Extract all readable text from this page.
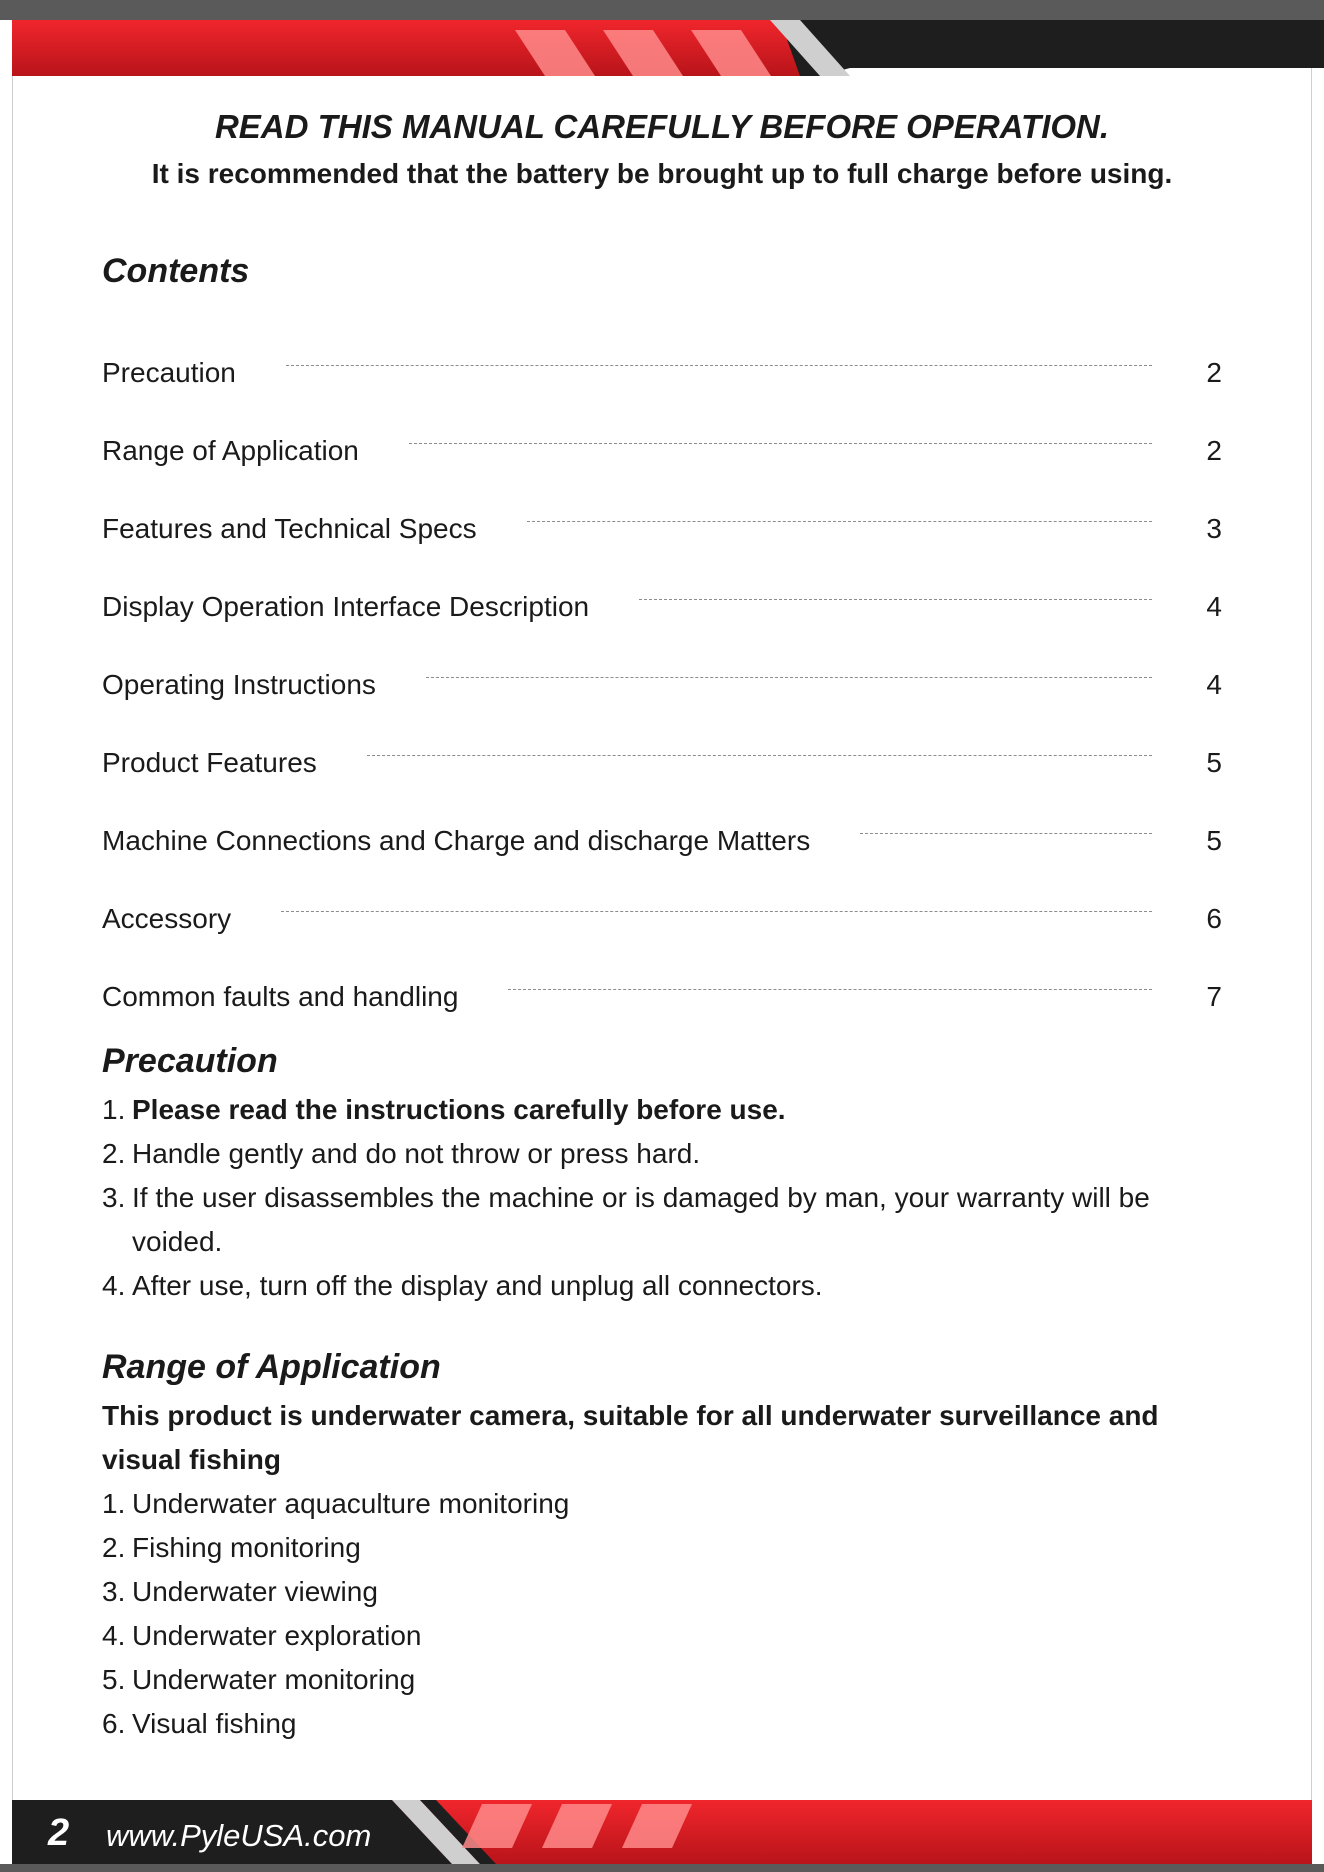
READ THIS MANUAL CAREFULLY BEFORE OPERATION.
It is recommended that the battery be brought up to full charge before using.
Contents
Precaution	2
Range of Application	2
Features and Technical Specs	3
Display Operation Interface Description	4
Operating Instructions	4
Product Features	5
Machine Connections and Charge and discharge Matters	5
Accessory	6
Common faults and handling	7
Precaution
1. Please read the instructions carefully before use.
2. Handle gently and do not throw or press hard.
3. If the user disassembles the machine or is damaged by man, your warranty will be voided.
4. After use, turn off the display and unplug all connectors.
Range of Application
This product is underwater camera, suitable for all underwater surveillance and visual fishing
1. Underwater aquaculture monitoring
2. Fishing monitoring
3. Underwater viewing
4. Underwater exploration
5. Underwater monitoring
6. Visual fishing
2 www.PyleUSA.com
